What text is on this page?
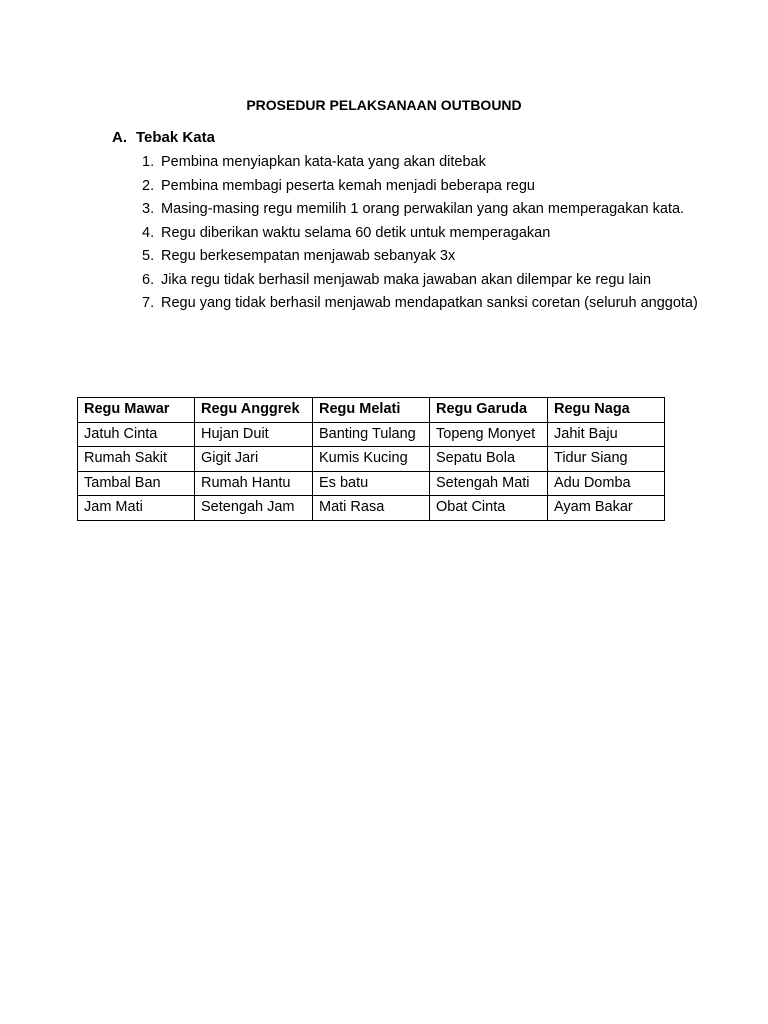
PROSEDUR PELAKSANAAN OUTBOUND
A. Tebak Kata
1. Pembina menyiapkan kata-kata yang akan ditebak
2. Pembina membagi peserta kemah menjadi beberapa regu
3. Masing-masing regu memilih 1 orang perwakilan yang akan memperagakan kata.
4. Regu diberikan waktu selama 60 detik untuk memperagakan
5. Regu berkesempatan menjawab sebanyak 3x
6. Jika regu tidak berhasil menjawab maka jawaban akan dilempar ke regu lain
7. Regu yang tidak berhasil menjawab mendapatkan sanksi coretan (seluruh anggota)
Regu Mawar	Regu Anggrek	Regu Melati	Regu Garuda	Regu Naga
Jatuh Cinta	Hujan Duit	Banting Tulang	Topeng Monyet	Jahit Baju
Rumah Sakit	Gigit Jari	Kumis Kucing	Sepatu Bola	Tidur Siang
Tambal Ban	Rumah Hantu	Es batu	Setengah Mati	Adu Domba
Jam Mati	Setengah Jam	Mati Rasa	Obat Cinta	Ayam Bakar
